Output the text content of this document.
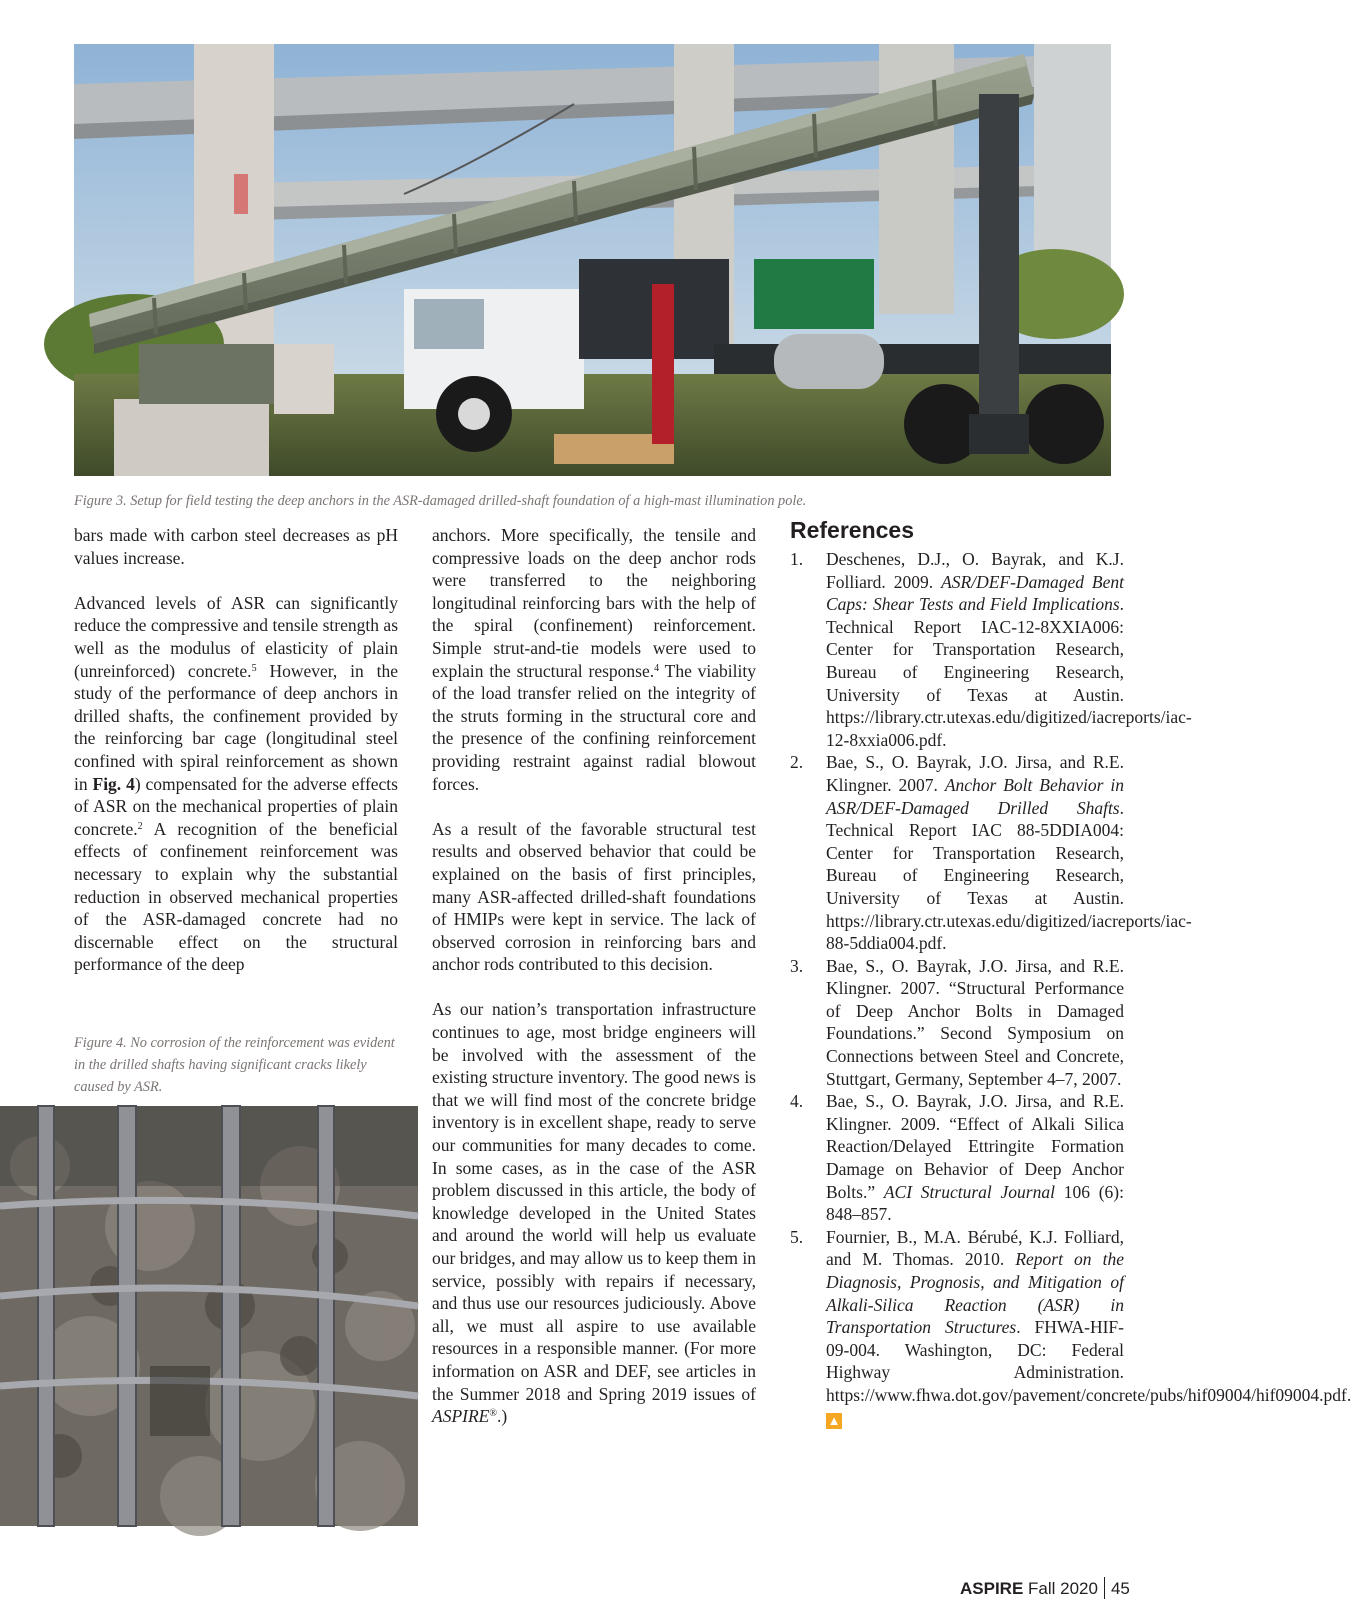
Figure 3. Setup for field testing the deep anchors in the ASR-damaged drilled-shaft foundation of a high-mast illumination pole.

bars made with carbon steel decreases as pH values increase.

Advanced levels of ASR can significantly reduce the compressive and tensile strength as well as the modulus of elasticity of plain (unreinforced) concrete.$^5$ However, in the study of the performance of deep anchors in drilled shafts, the confinement provided by the reinforcing bar cage (longitudinal steel confined with spiral reinforcement as shown in Fig. 4) compensated for the adverse effects of ASR on the mechanical properties of plain concrete.$^2$ A recognition of the beneficial effects of confinement reinforcement was necessary to explain why the substantial reduction in observed mechanical properties of the ASR-damaged concrete had no discernable effect on the structural performance of the deep

Figure 4. No corrosion of the reinforcement was evident in the drilled shafts having significant cracks likely caused by ASR.

anchors. More specifically, the tensile and compressive loads on the deep anchor rods were transferred to the neighboring longitudinal reinforcing bars with the help of the spiral (confinement) reinforcement. Simple strut-and-tie models were used to explain the structural response.$^4$ The viability of the load transfer relied on the integrity of the struts forming in the structural core and the presence of the confining reinforcement providing restraint against radial blowout forces.

As a result of the favorable structural test results and observed behavior that could be explained on the basis of first principles, many ASR-affected drilled-shaft foundations of HMIPs were kept in service. The lack of observed corrosion in reinforcing bars and anchor rods contributed to this decision.

As our nation’s transportation infrastructure continues to age, most bridge engineers will be involved with the assessment of the existing structure inventory. The good news is that we will find most of the concrete bridge inventory is in excellent shape, ready to serve our communities for many decades to come. In some cases, as in the case of the ASR problem discussed in this article, the body of knowledge developed in the United States and around the world will help us evaluate our bridges, and may allow us to keep them in service, possibly with repairs if necessary, and thus use our resources judiciously. Above all, we must all aspire to use available resources in a responsible manner. (For more information on ASR and DEF, see articles in the Summer 2018 and Spring 2019 issues of ASPIRE®.)

References
1. Deschenes, D.J., O. Bayrak, and K.J. Folliard. 2009. ASR/DEF-Damaged Bent Caps: Shear Tests and Field Implications. Technical Report IAC-12-8XXIA006: Center for Transportation Research, Bureau of Engineering Research, University of Texas at Austin. https://library.ctr.utexas.edu/digitized/iacreports/iac-12-8xxia006.pdf.
2. Bae, S., O. Bayrak, J.O. Jirsa, and R.E. Klingner. 2007. Anchor Bolt Behavior in ASR/DEF-Damaged Drilled Shafts. Technical Report IAC 88-5DDIA004: Center for Transportation Research, Bureau of Engineering Research, University of Texas at Austin. https://library.ctr.utexas.edu/digitized/iacreports/iac-88-5ddia004.pdf.
3. Bae, S., O. Bayrak, J.O. Jirsa, and R.E. Klingner. 2007. “Structural Performance of Deep Anchor Bolts in Damaged Foundations.” Second Symposium on Connections between Steel and Concrete, Stuttgart, Germany, September 4–7, 2007.
4. Bae, S., O. Bayrak, J.O. Jirsa, and R.E. Klingner. 2009. “Effect of Alkali Silica Reaction/Delayed Ettringite Formation Damage on Behavior of Deep Anchor Bolts.” ACI Structural Journal 106 (6): 848–857.
5. Fournier, B., M.A. Bérubé, K.J. Folliard, and M. Thomas. 2010. Report on the Diagnosis, Prognosis, and Mitigation of Alkali-Silica Reaction (ASR) in Transportation Structures. FHWA-HIF-09-004. Washington, DC: Federal Highway Administration. https://www.fhwa.dot.gov/pavement/concrete/pubs/hif09004/hif09004.pdf. ▲
ASPIRE Fall 2020 45
